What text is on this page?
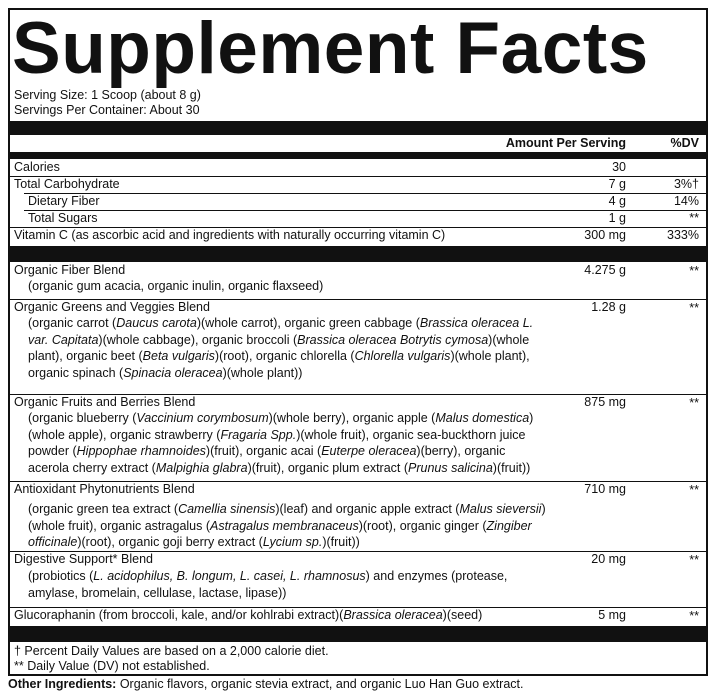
Supplement Facts
Serving Size: 1 Scoop (about 8 g)
Servings Per Container: About 30
Amount Per Serving	%DV
Calories	30
Total Carbohydrate	7 g	3%†
Dietary Fiber	4 g	14%
Total Sugars	1 g	**
Vitamin C (as ascorbic acid and ingredients with naturally occurring vitamin C)	300 mg	333%
Organic Fiber Blend	4.275 g	**
(organic gum acacia, organic inulin, organic flaxseed)
Organic Greens and Veggies Blend	1.28 g	**
(organic carrot (Daucus carota)(whole carrot), organic green cabbage (Brassica oleracea L. var. Capitata)(whole cabbage), organic broccoli (Brassica oleracea Botrytis cymosa)(whole plant), organic beet (Beta vulgaris)(root), organic chlorella (Chlorella vulgaris)(whole plant), organic spinach (Spinacia oleracea)(whole plant))
Organic Fruits and Berries Blend	875 mg	**
(organic blueberry (Vaccinium corymbosum)(whole berry), organic apple (Malus domestica)(whole apple), organic strawberry (Fragaria Spp.)(whole fruit), organic sea-buckthorn juice powder (Hippophae rhamnoides)(fruit), organic acai (Euterpe oleracea)(berry), organic acerola cherry extract (Malpighia glabra)(fruit), organic plum extract (Prunus salicina)(fruit))
Antioxidant Phytonutrients Blend	710 mg	**
(organic green tea extract (Camellia sinensis)(leaf) and organic apple extract (Malus sieversii)(whole fruit), organic astragalus (Astragalus membranaceus)(root), organic ginger (Zingiber officinale)(root), organic goji berry extract (Lycium sp.)(fruit))
Digestive Support* Blend	20 mg	**
(probiotics (L. acidophilus, B. longum, L. casei, L. rhamnosus) and enzymes (protease, amylase, bromelain, cellulase, lactase, lipase))
Glucoraphanin (from broccoli, kale, and/or kohlrabi extract)(Brassica oleracea)(seed)	5 mg	**
† Percent Daily Values are based on a 2,000 calorie diet.
** Daily Value (DV) not established.
Other Ingredients: Organic flavors, organic stevia extract, and organic Luo Han Guo extract.
